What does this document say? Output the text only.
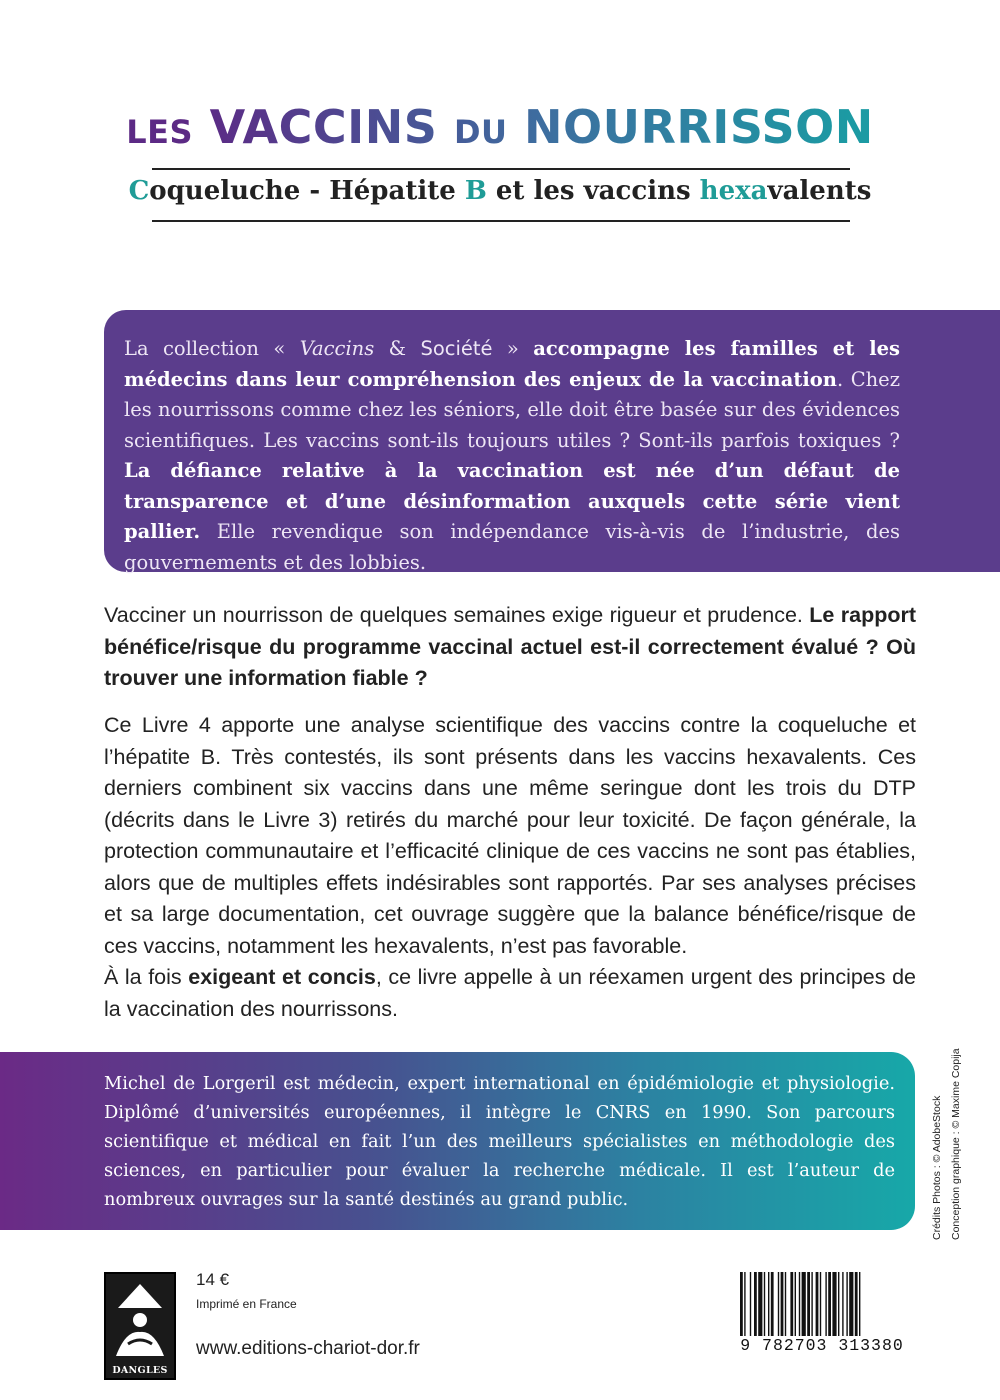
LES VACCINS DU NOURRISSON
Coqueluche - Hépatite B et les vaccins hexavalents
La collection « Vaccins & Société » accompagne les familles et les médecins dans leur compréhension des enjeux de la vaccination. Chez les nourrissons comme chez les séniors, elle doit être basée sur des évidences scientifiques. Les vaccins sont-ils toujours utiles ? Sont-ils parfois toxiques ? La défiance relative à la vaccination est née d’un défaut de transparence et d’une désinformation auxquels cette série vient pallier. Elle revendique son indépendance vis-à-vis de l’industrie, des gouvernements et des lobbies.
Vacciner un nourrisson de quelques semaines exige rigueur et prudence. Le rapport bénéfice/risque du programme vaccinal actuel est-il correctement évalué ? Où trouver une information fiable ?
Ce Livre 4 apporte une analyse scientifique des vaccins contre la coqueluche et l’hépatite B. Très contestés, ils sont présents dans les vaccins hexavalents. Ces derniers combinent six vaccins dans une même seringue dont les trois du DTP (décrits dans le Livre 3) retirés du marché pour leur toxicité. De façon générale, la protection communautaire et l’efficacité clinique de ces vaccins ne sont pas établies, alors que de multiples effets indésirables sont rapportés. Par ses analyses précises et sa large documentation, cet ouvrage suggère que la balance bénéfice/risque de ces vaccins, notamment les hexavalents, n’est pas favorable.
À la fois exigeant et concis, ce livre appelle à un réexamen urgent des principes de la vaccination des nourrissons.
Michel de Lorgeril est médecin, expert international en épidémiologie et physiologie. Diplômé d’universités européennes, il intègre le CNRS en 1990. Son parcours scientifique et médical en fait l’un des meilleurs spécialistes en méthodologie des sciences, en particulier pour évaluer la recherche médicale. Il est l’auteur de nombreux ouvrages sur la santé destinés au grand public.
DANGLES
14 €
Imprimé en France
www.editions-chariot-dor.fr	9 782703 313380
Crédits Photos : © AdobeStock Conception graphique : © Maxime Copija
